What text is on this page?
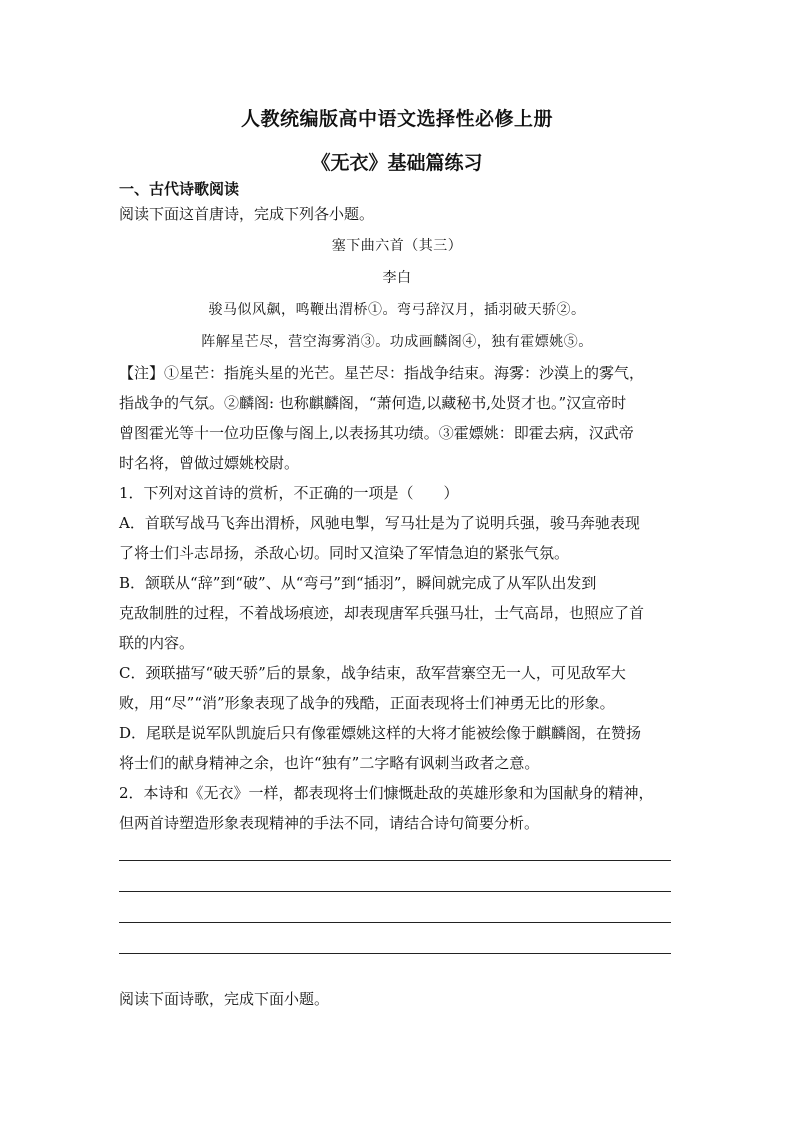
人教统编版高中语文选择性必修上册
《无衣》基础篇练习
一、古代诗歌阅读
阅读下面这首唐诗，完成下列各小题。
塞下曲六首（其三）
李白
骏马似风飙，鸣鞭出渭桥①。弯弓辞汉月，插羽破天骄②。
阵解星芒尽，营空海雾消③。功成画麟阁④，独有霍嫖姚⑤。

【注】①星芒：指旄头星的光芒。星芒尽：指战争结束。海雾：沙漠上的雾气，

指战争的气氛。②麟阁: 也称麒麟阁，“萧何造,以藏秘书,处贤才也。”汉宣帝时

曾图霍光等十一位功臣像与阁上,以表扬其功绩。③霍嫖姚：即霍去病，汉武帝

时名将，曾做过嫖姚校尉。

1．下列对这首诗的赏析，不正确的一项是（　　）

A．首联写战马飞奔出渭桥，风驰电掣，写马壮是为了说明兵强，骏马奔驰表现

了将士们斗志昂扬，杀敌心切。同时又渲染了军情急迫的紧张气氛。

B．颔联从“辞”到“破”、从“弯弓”到“插羽”，瞬间就完成了从军队出发到

克敌制胜的过程，不着战场痕迹，却表现唐军兵强马壮，士气高昂，也照应了首

联的内容。

C．颈联描写“破天骄”后的景象，战争结束，敌军营寨空无一人，可见敌军大

败，用“尽”“消”形象表现了战争的残酷，正面表现将士们神勇无比的形象。

D．尾联是说军队凯旋后只有像霍嫖姚这样的大将才能被绘像于麒麟阁，在赞扬

将士们的献身精神之余，也许“独有”二字略有讽刺当政者之意。

2．本诗和《无衣》一样，都表现将士们慷慨赴敌的英雄形象和为国献身的精神，

但两首诗塑造形象表现精神的手法不同，请结合诗句简要分析。

阅读下面诗歌，完成下面小题。
